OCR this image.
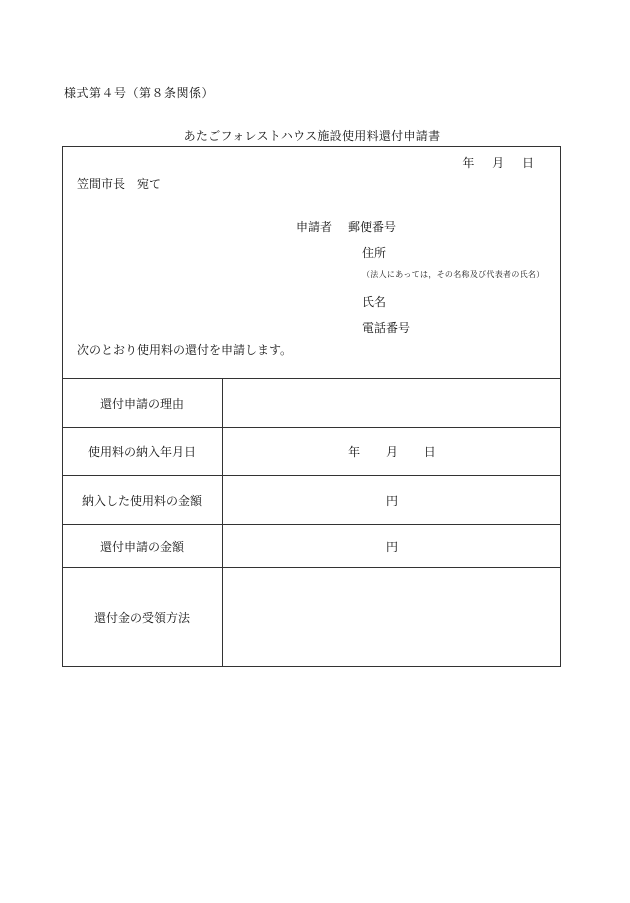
様式第４号（第８条関係）
あたごフォレストハウス施設使用料還付申請書
年 月 日
笠間市長　宛て
申請者 郵便番号
住所
（法人にあっては，その名称及び代表者の氏名）
氏名
電話番号
次のとおり使用料の還付を申請します。
還付申請の理由	
使用料の納入年月日	年 月 日
納入した使用料の金額	円
還付申請の金額	円
還付金の受領方法	
